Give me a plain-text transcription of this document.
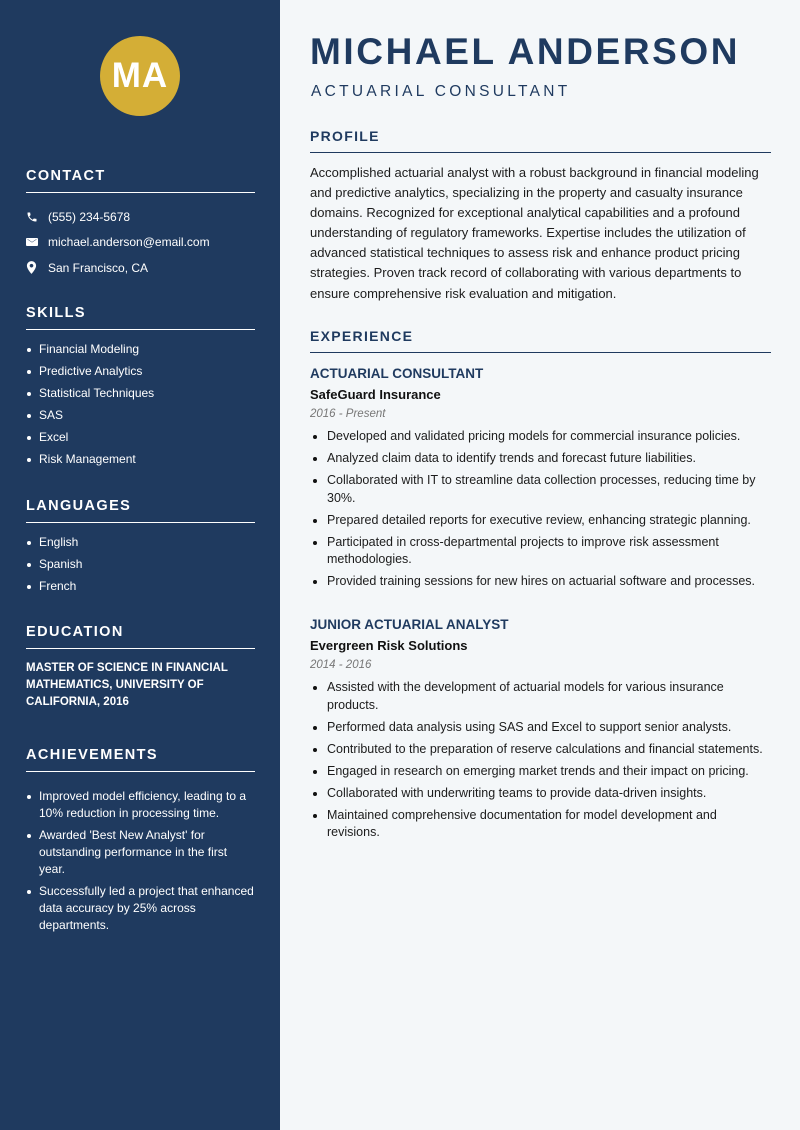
MA
CONTACT
(555) 234-5678
michael.anderson@email.com
San Francisco, CA
SKILLS
Financial Modeling
Predictive Analytics
Statistical Techniques
SAS
Excel
Risk Management
LANGUAGES
English
Spanish
French
EDUCATION
MASTER OF SCIENCE IN FINANCIAL MATHEMATICS, UNIVERSITY OF CALIFORNIA, 2016
ACHIEVEMENTS
Improved model efficiency, leading to a 10% reduction in processing time.
Awarded 'Best New Analyst' for outstanding performance in the first year.
Successfully led a project that enhanced data accuracy by 25% across departments.
MICHAEL ANDERSON
ACTUARIAL CONSULTANT
PROFILE

Accomplished actuarial analyst with a robust background in financial modeling and predictive analytics, specializing in the property and casualty insurance domains. Recognized for exceptional analytical capabilities and a profound understanding of regulatory frameworks. Expertise includes the utilization of advanced statistical techniques to assess risk and enhance product pricing strategies. Proven track record of collaborating with various departments to ensure comprehensive risk evaluation and mitigation.

EXPERIENCE
ACTUARIAL CONSULTANT
SafeGuard Insurance
2016 - Present
Developed and validated pricing models for commercial insurance policies.
Analyzed claim data to identify trends and forecast future liabilities.
Collaborated with IT to streamline data collection processes, reducing time by 30%.
Prepared detailed reports for executive review, enhancing strategic planning.
Participated in cross-departmental projects to improve risk assessment methodologies.
Provided training sessions for new hires on actuarial software and processes.
JUNIOR ACTUARIAL ANALYST
Evergreen Risk Solutions
2014 - 2016
Assisted with the development of actuarial models for various insurance products.
Performed data analysis using SAS and Excel to support senior analysts.
Contributed to the preparation of reserve calculations and financial statements.
Engaged in research on emerging market trends and their impact on pricing.
Collaborated with underwriting teams to provide data-driven insights.
Maintained comprehensive documentation for model development and revisions.
